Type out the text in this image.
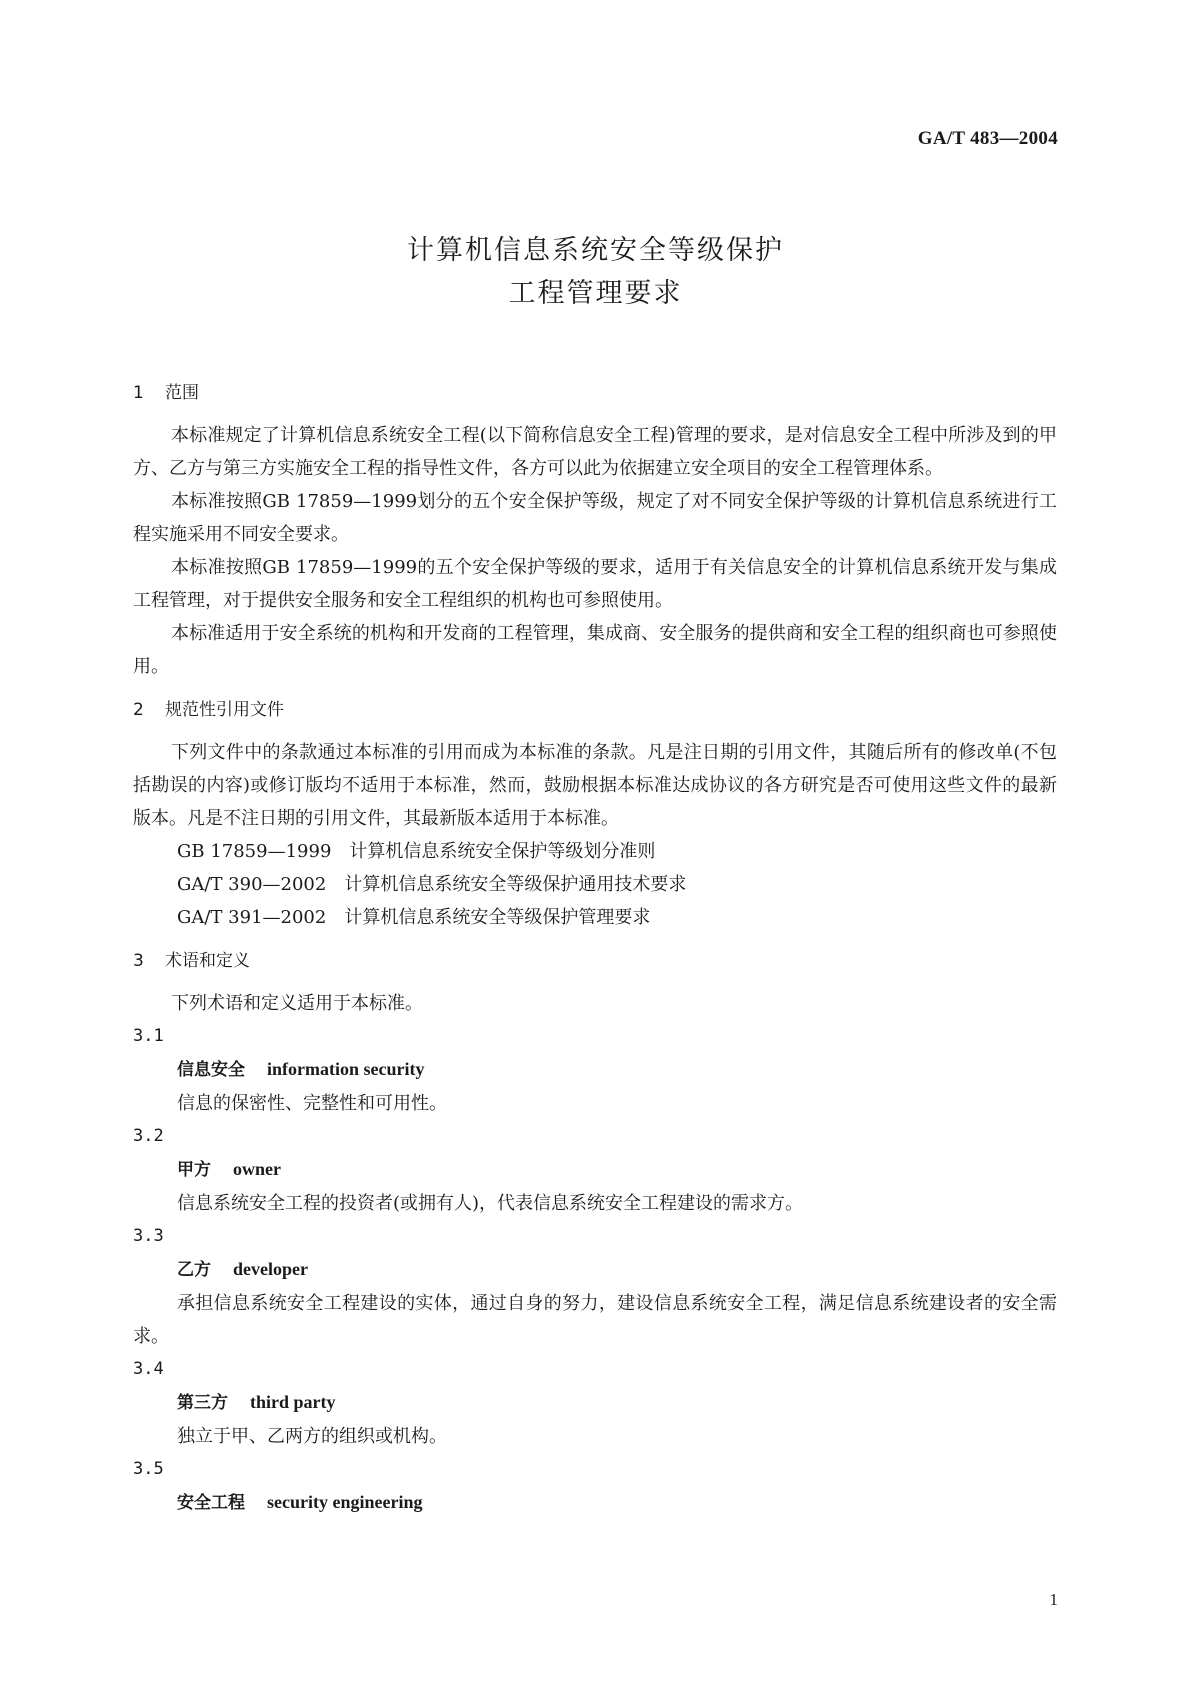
GA/T 483—2004

计算机信息系统安全等级保护
工程管理要求

1	范围

本标准规定了计算机信息系统安全工程(以下简称信息安全工程)管理的要求，是对信息安全工程中所涉及到的甲方、乙方与第三方实施安全工程的指导性文件，各方可以此为依据建立安全项目的安全工程管理体系。

本标准按照GB 17859—1999划分的五个安全保护等级，规定了对不同安全保护等级的计算机信息系统进行工程实施采用不同安全要求。

本标准按照GB 17859—1999的五个安全保护等级的要求，适用于有关信息安全的计算机信息系统开发与集成工程管理，对于提供安全服务和安全工程组织的机构也可参照使用。

本标准适用于安全系统的机构和开发商的工程管理，集成商、安全服务的提供商和安全工程的组织商也可参照使用。

2	规范性引用文件

下列文件中的条款通过本标准的引用而成为本标准的条款。凡是注日期的引用文件，其随后所有的修改单(不包括勘误的内容)或修订版均不适用于本标准，然而，鼓励根据本标准达成协议的各方研究是否可使用这些文件的最新版本。凡是不注日期的引用文件，其最新版本适用于本标准。

GB 17859—1999 计算机信息系统安全保护等级划分准则

GA/T 390—2002 计算机信息系统安全等级保护通用技术要求

GA/T 391—2002 计算机信息系统安全等级保护管理要求

3	术语和定义

下列术语和定义适用于本标准。

3.1

信息安全 information security

信息的保密性、完整性和可用性。

3.2

甲方 owner

信息系统安全工程的投资者(或拥有人)，代表信息系统安全工程建设的需求方。

3.3

乙方 developer

承担信息系统安全工程建设的实体，通过自身的努力，建设信息系统安全工程，满足信息系统建设者的安全需求。

3.4

第三方 third party

独立于甲、乙两方的组织或机构。

3.5

安全工程 security engineering

1
